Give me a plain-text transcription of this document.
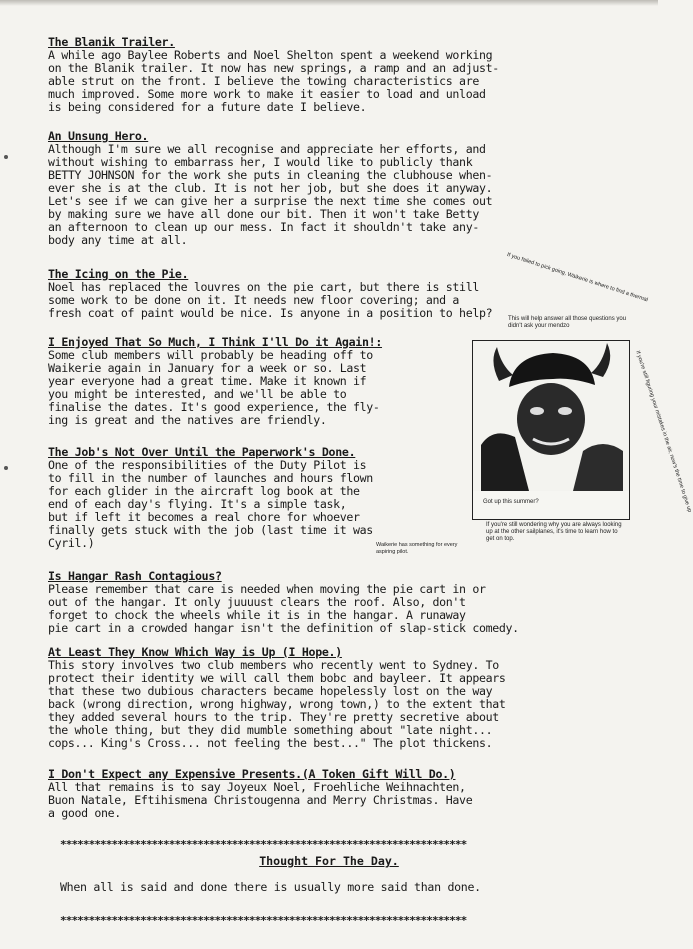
The Blanik Trailer.
A while ago Baylee Roberts and Noel Shelton spent a weekend working
on the Blanik trailer. It now has new springs, a ramp and an adjust-
able strut on the front. I believe the towing characteristics are
much improved. Some more work to make it easier to load and unload
is being considered for a future date I believe.
An Unsung Hero.
Although I'm sure we all recognise and appreciate her efforts, and
without wishing to embarrass her, I would like to publicly thank
BETTY JOHNSON for the work she puts in cleaning the clubhouse when-
ever she is at the club. It is not her job, but she does it anyway.
Let's see if we can give her a surprise the next time she comes out
by making sure we have all done our bit. Then it won't take Betty
an afternoon to clean up our mess. In fact it shouldn't take any-
body any time at all.
The Icing on the Pie.
Noel has replaced the louvres on the pie cart, but there is still
some work to be done on it. It needs new floor covering; and a
fresh coat of paint would be nice. Is anyone in a position to help?
I Enjoyed That So Much, I Think I'll Do it Again!:
Some club members will probably be heading off to
Waikerie again in January for a week or so. Last
year everyone had a great time. Make it known if
you might be interested, and we'll be able to
finalise the dates. It's good experience, the fly-
ing is great and the natives are friendly.
The Job's Not Over Until the Paperwork's Done.
One of the responsibilities of the Duty Pilot is
to fill in the number of launches and hours flown
for each glider in the aircraft log book at the
end of each day's flying. It's a simple task,
but if left it becomes a real chore for whoever
finally gets stuck with the job (last time it was
Cyril.)
Is Hangar Rash Contagious?
Please remember that care is needed when moving the pie cart in or
out of the hangar. It only juuuust clears the roof. Also, don't
forget to chock the wheels while it is in the hangar. A runaway
pie cart in a crowded hangar isn't the definition of slap-stick comedy.
At Least They Know Which Way is Up (I Hope.)
This story involves two club members who recently went to Sydney. To
protect their identity we will call them bobc and bayleer. It appears
that these two dubious characters became hopelessly lost on the way
back (wrong direction, wrong highway, wrong town,) to the extent that
they added several hours to the trip. They're pretty secretive about
the whole thing, but they did mumble something about "late night...
cops... King's Cross... not feeling the best..." The plot thickens.
I Don't Expect any Expensive Presents.(A Token Gift Will Do.)
All that remains is to say Joyeux Noel, Froehliche Weihnachten,
Buon Natale, Eftihismena Christougenna and Merry Christmas. Have
a good one.
***********************************************************************
Thought For The Day.
When all is said and done there is usually more said than done.
***********************************************************************
If you failed to pick going, Waikerie is where to find a thermal
This will help answer all those questions you didn't ask your mendzo
Got up this summer?	If you're still figuring your mistakes in the air, now's the time to give up
If you're still wondering why you are always looking up at the other sailplanes, it's time to learn how to get on top.
Waikerie has something for every aspiring pilot.
